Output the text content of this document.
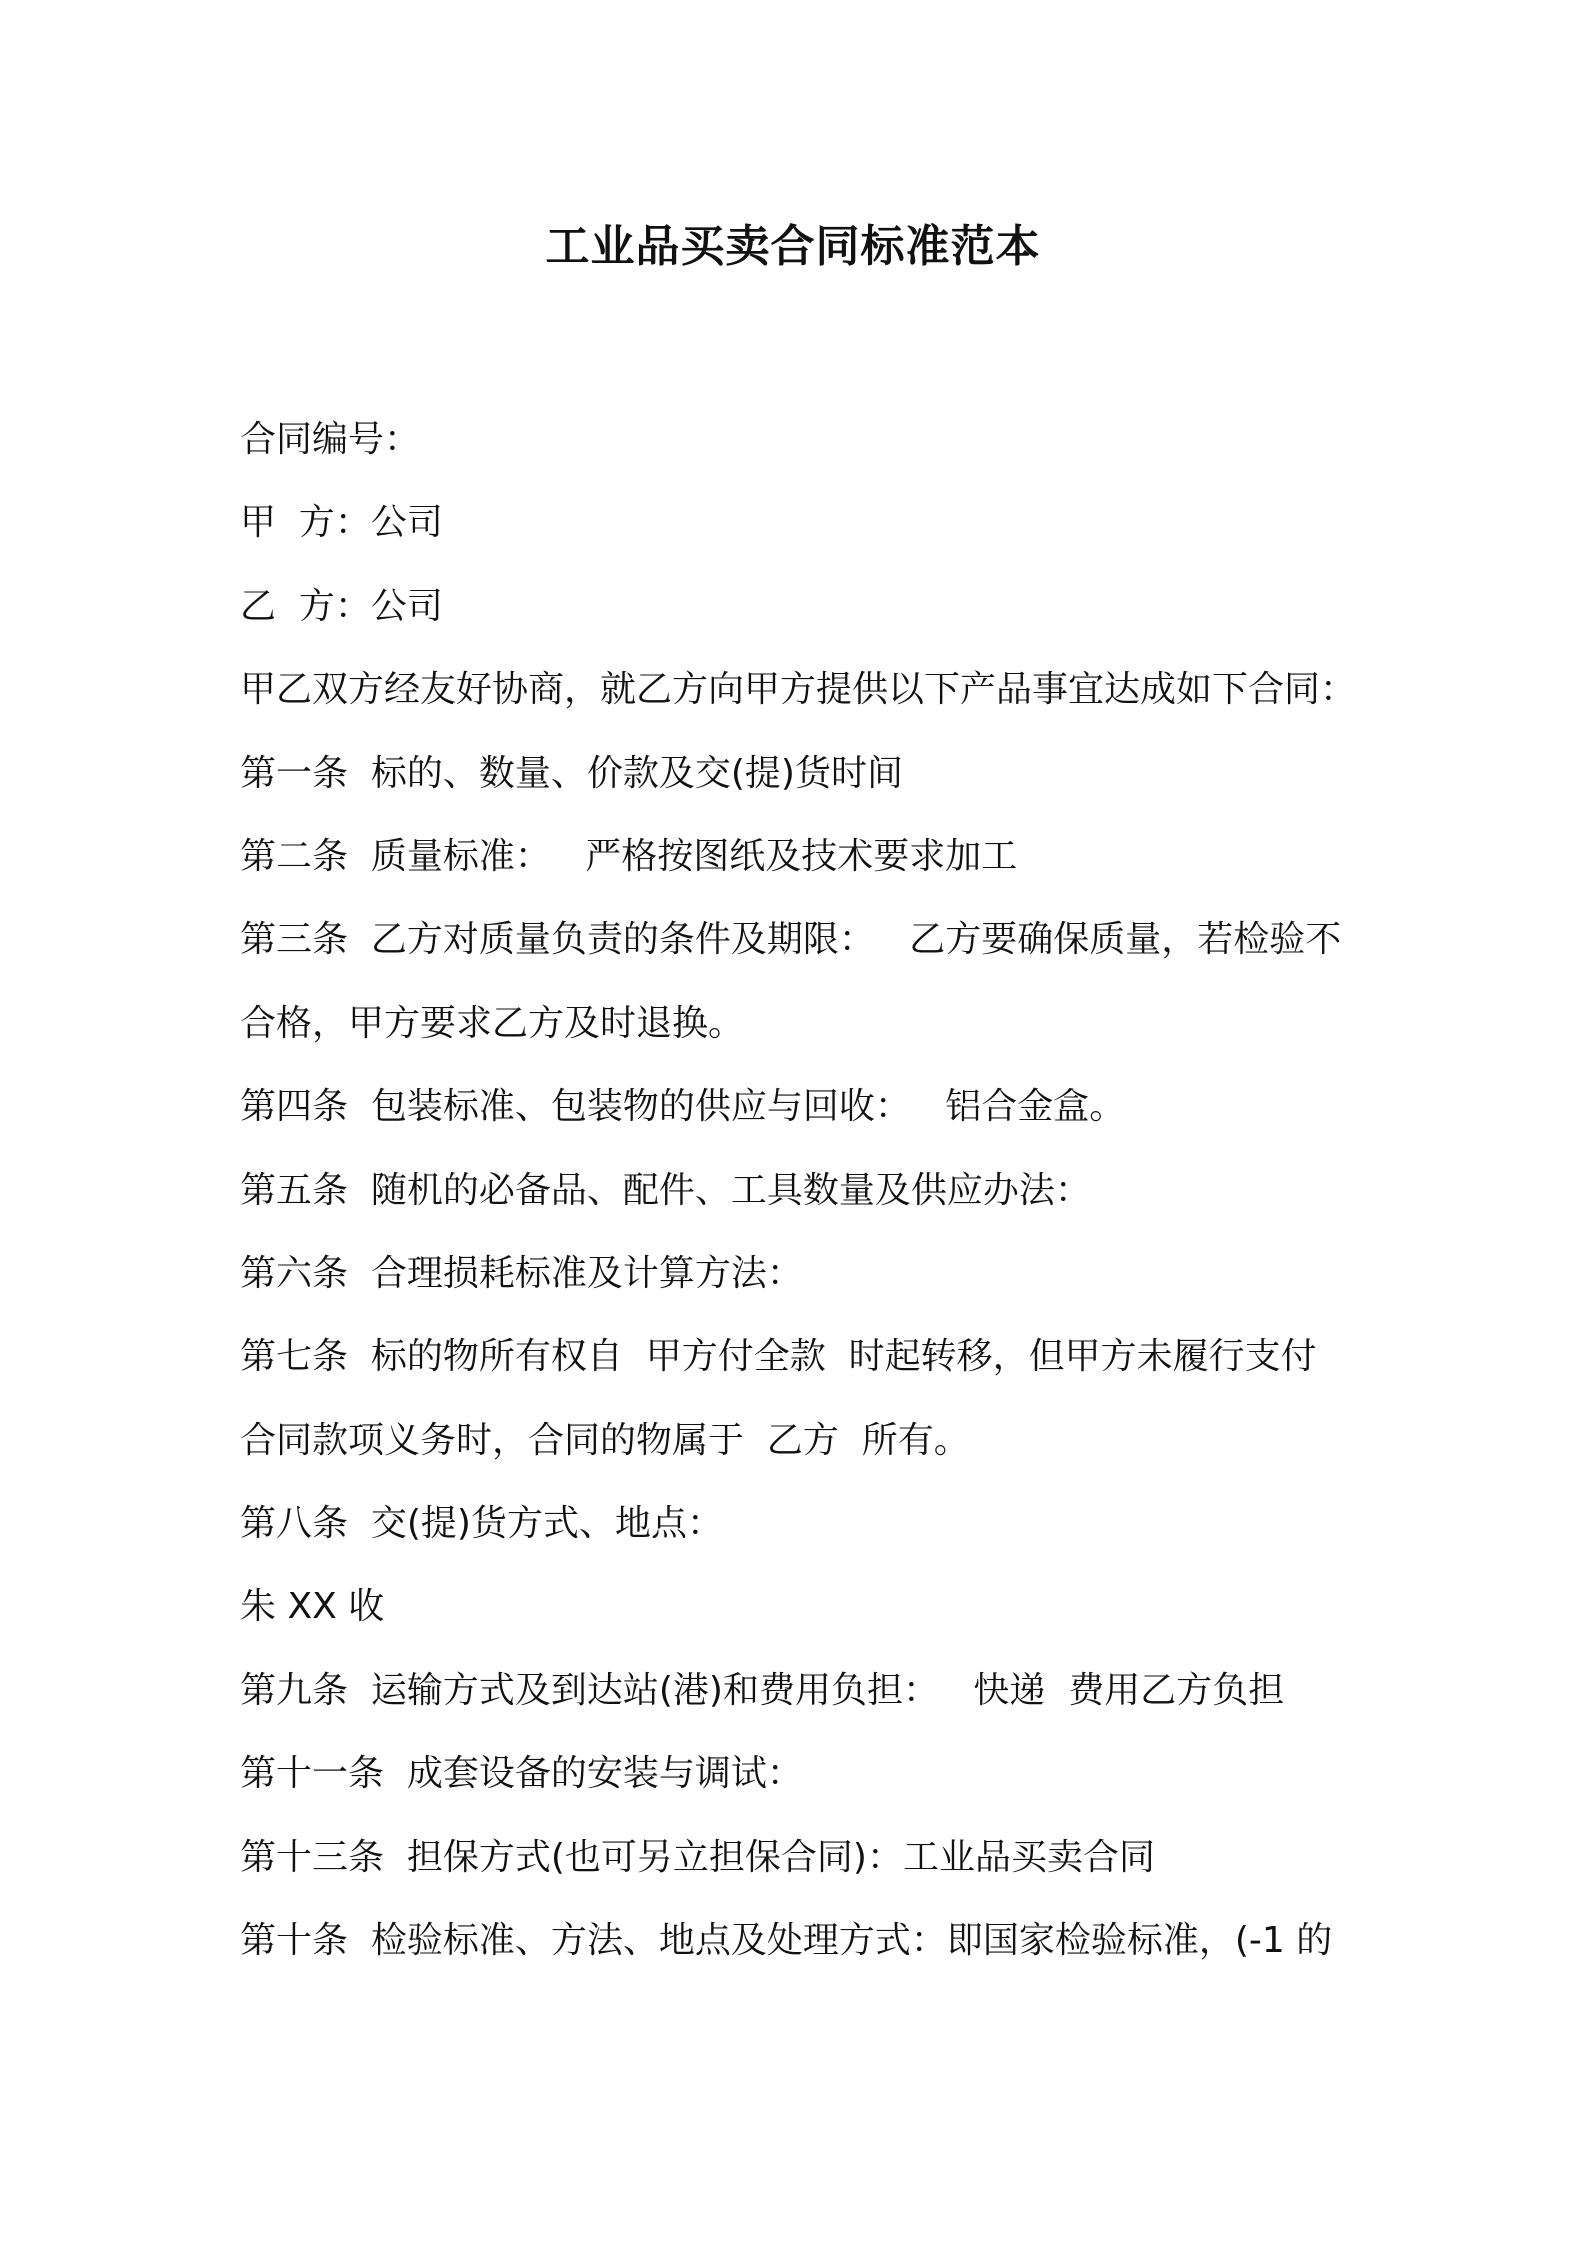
工业品买卖合同标准范本

合同编号：

甲  方：公司

乙  方：公司

甲乙双方经友好协商，就乙方向甲方提供以下产品事宜达成如下合同：

第一条  标的、数量、价款及交(提)货时间

第二条  质量标准：   严格按图纸及技术要求加工

第三条  乙方对质量负责的条件及期限：   乙方要确保质量，若检验不

合格，甲方要求乙方及时退换。

第四条  包装标准、包装物的供应与回收：   铝合金盒。

第五条  随机的必备品、配件、工具数量及供应办法：

第六条  合理损耗标准及计算方法：

第七条  标的物所有权自  甲方付全款  时起转移，但甲方未履行支付

合同款项义务时，合同的物属于  乙方  所有。

第八条  交(提)货方式、地点：

朱 XX 收

第九条  运输方式及到达站(港)和费用负担：   快递  费用乙方负担

第十一条  成套设备的安装与调试：

第十三条  担保方式(也可另立担保合同)：工业品买卖合同

第十条  检验标准、方法、地点及处理方式：即国家检验标准，(-1 的
